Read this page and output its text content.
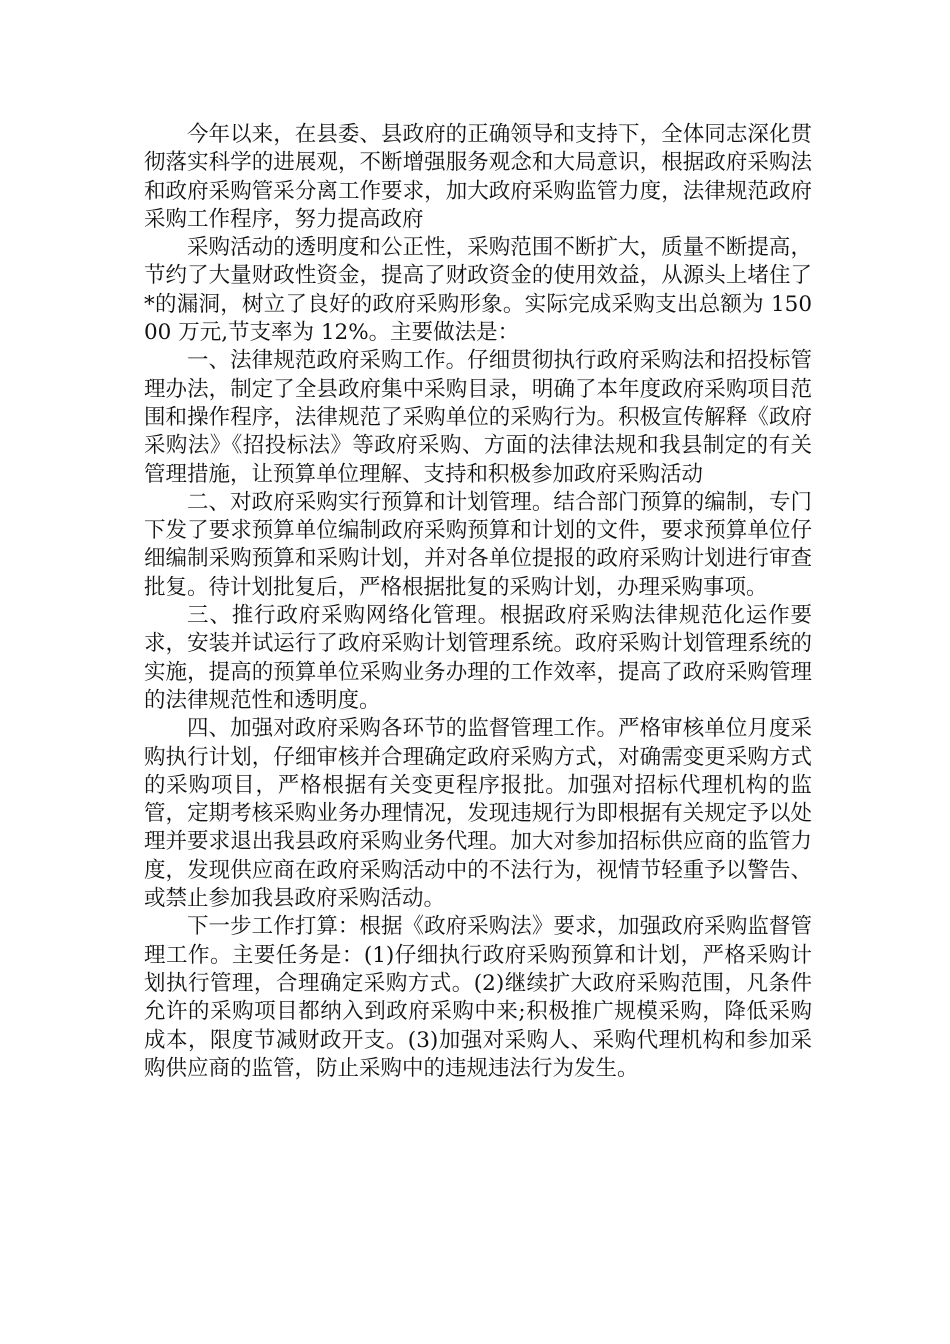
今年以来，在县委、县政府的正确领导和支持下，全体同志深化贯彻落实科学的进展观，不断增强服务观念和大局意识，根据政府采购法和政府采购管采分离工作要求，加大政府采购监管力度，法律规范政府采购工作程序，努力提高政府

采购活动的透明度和公正性，采购范围不断扩大，质量不断提高，节约了大量财政性资金，提高了财政资金的使用效益，从源头上堵住了*的漏洞，树立了良好的政府采购形象。实际完成采购支出总额为 15000 万元,节支率为 12%。主要做法是：

一、法律规范政府采购工作。仔细贯彻执行政府采购法和招投标管理办法，制定了全县政府集中采购目录，明确了本年度政府采购项目范围和操作程序，法律规范了采购单位的采购行为。积极宣传解释《政府采购法》《招投标法》等政府采购、方面的法律法规和我县制定的有关管理措施，让预算单位理解、支持和积极参加政府采购活动

二、对政府采购实行预算和计划管理。结合部门预算的编制，专门下发了要求预算单位编制政府采购预算和计划的文件，要求预算单位仔细编制采购预算和采购计划，并对各单位提报的政府采购计划进行审查批复。待计划批复后，严格根据批复的采购计划，办理采购事项。

三、推行政府采购网络化管理。根据政府采购法律规范化运作要求，安装并试运行了政府采购计划管理系统。政府采购计划管理系统的实施，提高的预算单位采购业务办理的工作效率，提高了政府采购管理的法律规范性和透明度。

四、加强对政府采购各环节的监督管理工作。严格审核单位月度采购执行计划，仔细审核并合理确定政府采购方式，对确需变更采购方式的采购项目，严格根据有关变更程序报批。加强对招标代理机构的监管，定期考核采购业务办理情况，发现违规行为即根据有关规定予以处理并要求退出我县政府采购业务代理。加大对参加招标供应商的监管力度，发现供应商在政府采购活动中的不法行为，视情节轻重予以警告、或禁止参加我县政府采购活动。

下一步工作打算：根据《政府采购法》要求，加强政府采购监督管理工作。主要任务是：(1)仔细执行政府采购预算和计划，严格采购计划执行管理，合理确定采购方式。(2)继续扩大政府采购范围，凡条件允许的采购项目都纳入到政府采购中来;积极推广规模采购，降低采购成本，限度节减财政开支。(3)加强对采购人、采购代理机构和参加采购供应商的监管，防止采购中的违规违法行为发生。
